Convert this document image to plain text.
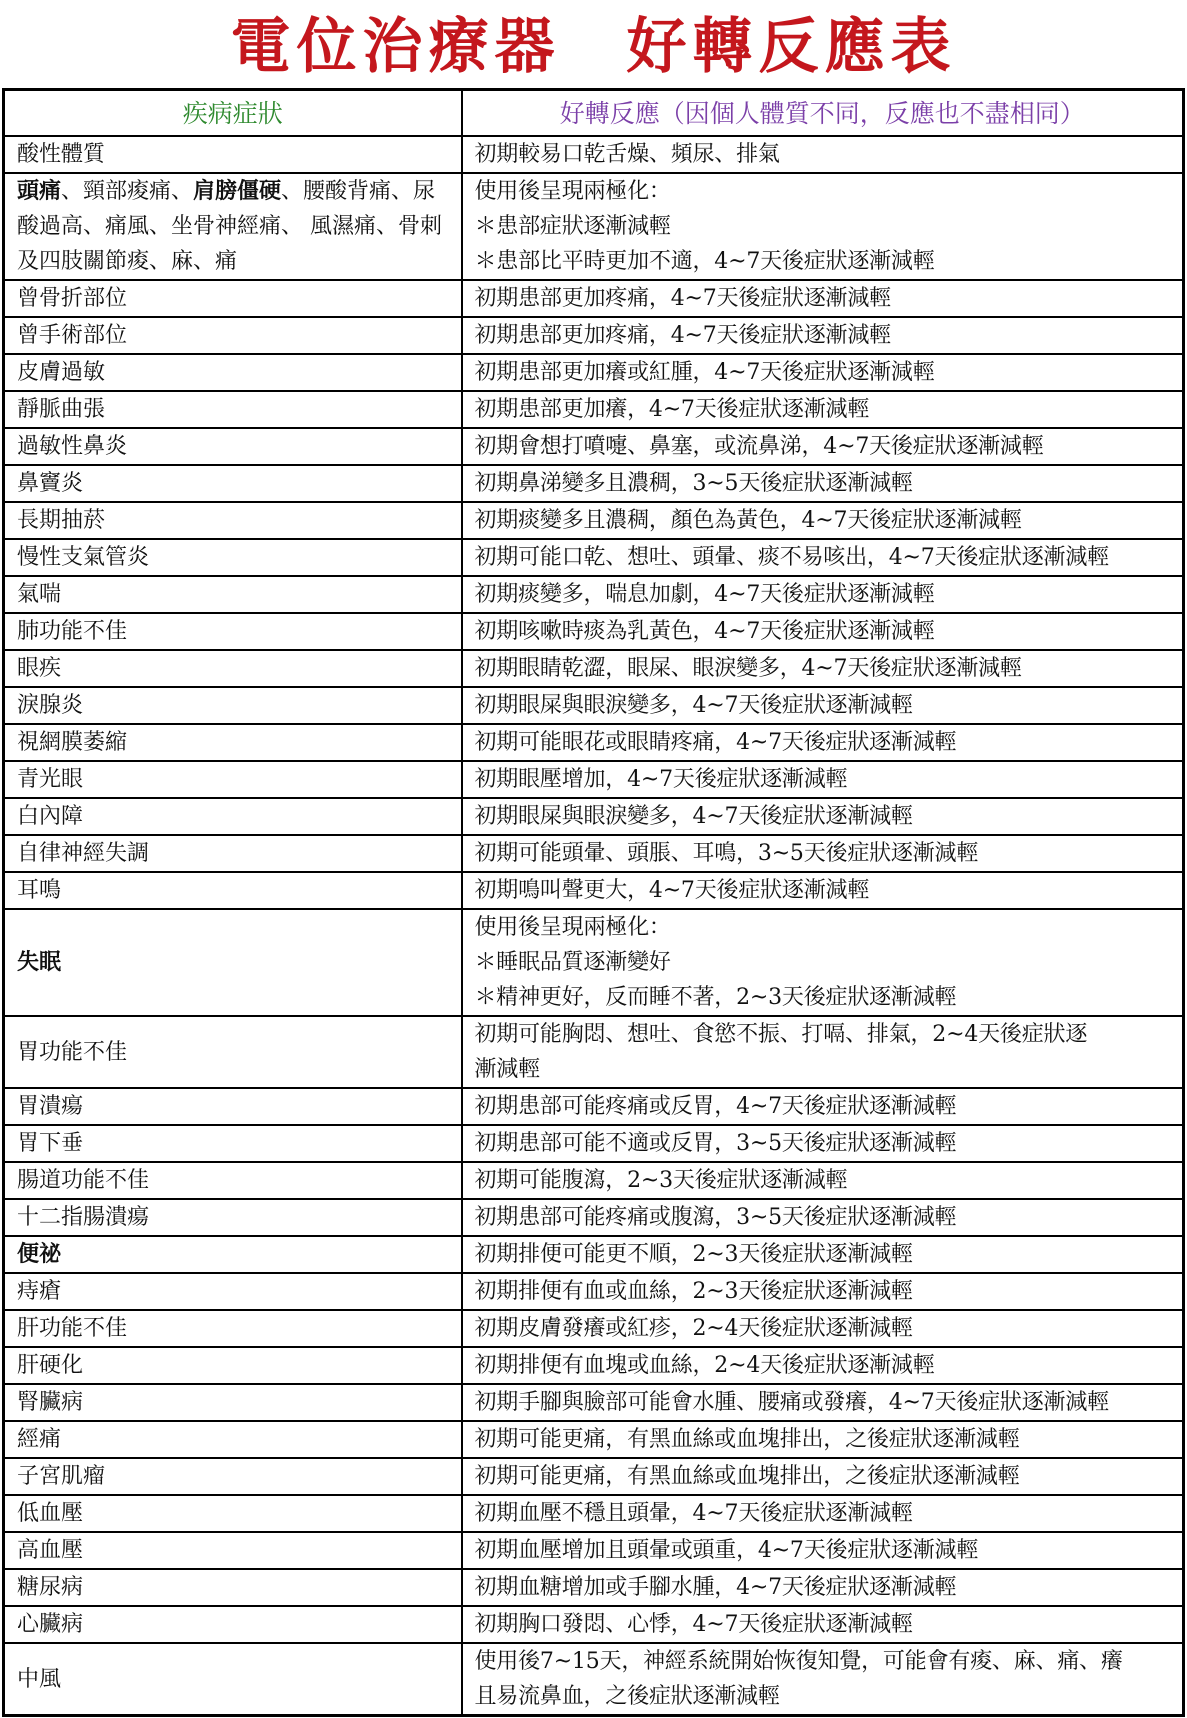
電位治療器　好轉反應表
疾病症狀	好轉反應（因個人體質不同，反應也不盡相同）
酸性體質	初期較易口乾舌燥、頻尿、排氣
頭痛、頸部痠痛、肩膀僵硬、腰酸背痛、尿酸過高、痛風、坐骨神經痛、 風濕痛、骨刺及四肢關節痠、麻、痛	使用後呈現兩極化：
＊患部症狀逐漸減輕
＊患部比平時更加不適，4~7天後症狀逐漸減輕

曾骨折部位	初期患部更加疼痛，4~7天後症狀逐漸減輕
曾手術部位	初期患部更加疼痛，4~7天後症狀逐漸減輕
皮膚過敏	初期患部更加癢或紅腫，4~7天後症狀逐漸減輕
靜脈曲張	初期患部更加癢，4~7天後症狀逐漸減輕
過敏性鼻炎	初期會想打噴嚏、鼻塞，或流鼻涕，4~7天後症狀逐漸減輕
鼻竇炎	初期鼻涕變多且濃稠，3~5天後症狀逐漸減輕
長期抽菸	初期痰變多且濃稠，顏色為黃色，4~7天後症狀逐漸減輕
慢性支氣管炎	初期可能口乾、想吐、頭暈、痰不易咳出，4~7天後症狀逐漸減輕
氣喘	初期痰變多，喘息加劇，4~7天後症狀逐漸減輕
肺功能不佳	初期咳嗽時痰為乳黃色，4~7天後症狀逐漸減輕
眼疾	初期眼睛乾澀，眼屎、眼淚變多，4~7天後症狀逐漸減輕
淚腺炎	初期眼屎與眼淚變多，4~7天後症狀逐漸減輕
視網膜萎縮	初期可能眼花或眼睛疼痛，4~7天後症狀逐漸減輕
青光眼	初期眼壓增加，4~7天後症狀逐漸減輕
白內障	初期眼屎與眼淚變多，4~7天後症狀逐漸減輕
自律神經失調	初期可能頭暈、頭脹、耳鳴，3~5天後症狀逐漸減輕
耳鳴	初期鳴叫聲更大，4~7天後症狀逐漸減輕
失眠	使用後呈現兩極化：
＊睡眠品質逐漸變好
＊精神更好，反而睡不著，2~3天後症狀逐漸減輕

胃功能不佳	初期可能胸悶、想吐、食慾不振、打嗝、排氣，2~4天後症狀逐
漸減輕

胃潰瘍	初期患部可能疼痛或反胃，4~7天後症狀逐漸減輕
胃下垂	初期患部可能不適或反胃，3~5天後症狀逐漸減輕
腸道功能不佳	初期可能腹瀉，2~3天後症狀逐漸減輕
十二指腸潰瘍	初期患部可能疼痛或腹瀉，3~5天後症狀逐漸減輕
便祕	初期排便可能更不順，2~3天後症狀逐漸減輕
痔瘡	初期排便有血或血絲，2~3天後症狀逐漸減輕
肝功能不佳	初期皮膚發癢或紅疹，2~4天後症狀逐漸減輕
肝硬化	初期排便有血塊或血絲，2~4天後症狀逐漸減輕
腎臟病	初期手腳與臉部可能會水腫、腰痛或發癢，4~7天後症狀逐漸減輕
經痛	初期可能更痛，有黑血絲或血塊排出，之後症狀逐漸減輕
子宮肌瘤	初期可能更痛，有黑血絲或血塊排出，之後症狀逐漸減輕
低血壓	初期血壓不穩且頭暈，4~7天後症狀逐漸減輕
高血壓	初期血壓增加且頭暈或頭重，4~7天後症狀逐漸減輕
糖尿病	初期血糖增加或手腳水腫，4~7天後症狀逐漸減輕
心臟病	初期胸口發悶、心悸，4~7天後症狀逐漸減輕
中風	使用後7~15天，神經系統開始恢復知覺，可能會有痠、麻、痛、癢
且易流鼻血，之後症狀逐漸減輕
